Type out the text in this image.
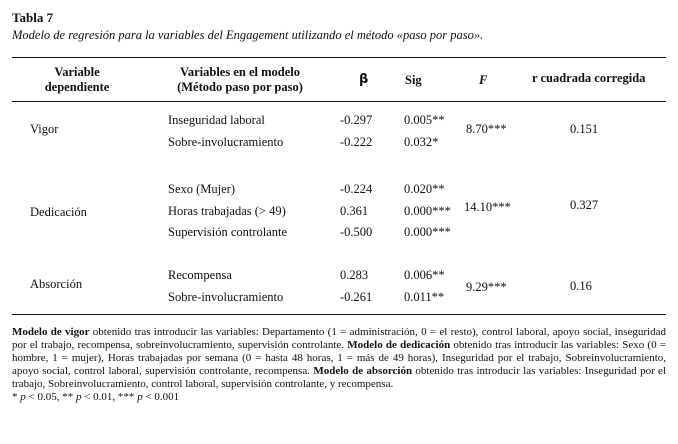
Tabla 7
Modelo de regresión para la variables del Engagement utilizando el método «paso por paso».
Variable
dependiente
Variables en el modelo
(Método paso por paso)	β	Sig	F	r cuadrada corregida
Vigor
Inseguridad laboral	-0.297	0.005**
Sobre-involucramiento	-0.222	0.032*
8.70***	0.151
Dedicación
Sexo (Mujer)	-0.224	0.020**
Horas trabajadas (> 49)	0.361	0.000***
Supervisión controlante	-0.500	0.000***
14.10***	0.327
Absorción
Recompensa	0.283	0.006**
Sobre-involucramiento	-0.261	0.011**
9.29***	0.16
Modelo de vigor obtenido tras introducir las variables: Departamento (1 = administración, 0 = el resto), control laboral, apoyo social, inseguridad por el trabajo, recompensa, sobreinvolucramiento, supervisión controlante. Modelo de dedicación obtenido tras introducir las variables: Sexo (0 = hombre, 1 = mujer), Horas trabajadas por semana (0 = hasta 48 horas, 1 = más de 49 horas), Inseguridad por el trabajo, Sobreinvolucramiento, apoyo social, control laboral, supervisión controlante, recompensa. Modelo de absorción obtenido tras introducir las variables: Inseguridad por el trabajo, Sobreinvolucramiento, control laboral, supervisión controlante, y recompensa.
* p < 0.05, ** p < 0.01, *** p < 0.001
